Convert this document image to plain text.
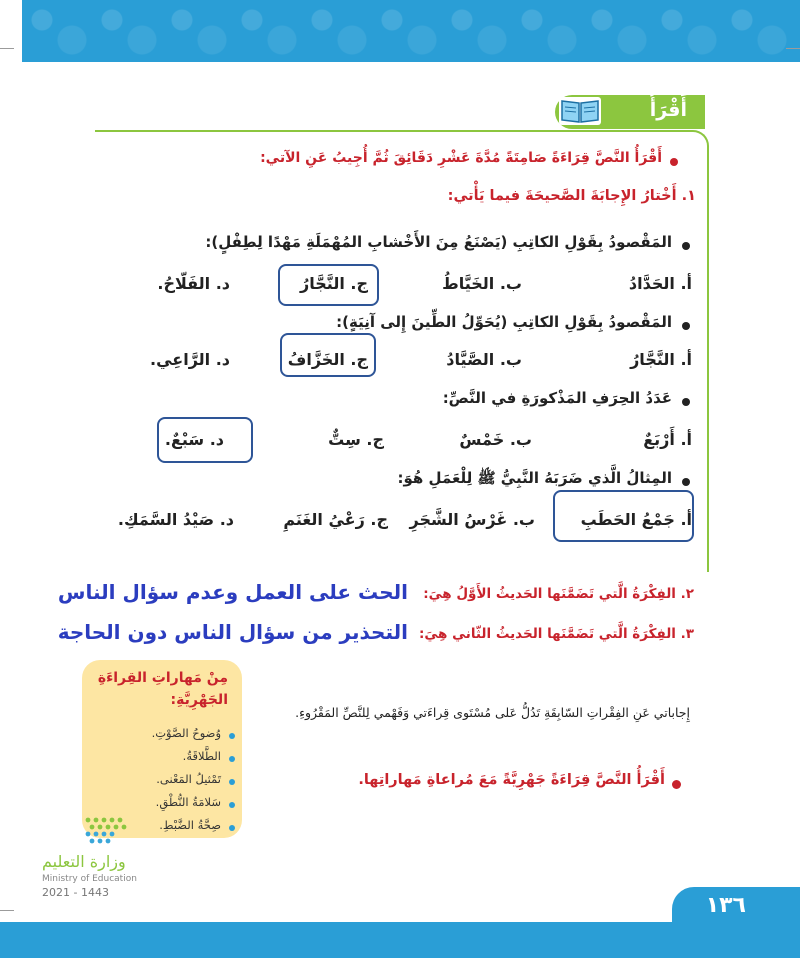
أَقْرَأُ
أَقْرَأُ النَّصَّ قِرَاءَةً صَامِتَةً مُدَّةَ عَشْرِ دَقَائِقَ ثُمَّ أُجِيبُ عَنِ الآتي:
١. أَخْتارُ الإِجابَةَ الصَّحيحَةَ فيما يَأْتي:
المَقْصودُ بِقَوْلِ الكاتِبِ (يَصْنَعُ مِنَ الأَخْشابِ المُهْمَلَةِ مَهْدًا لِطِفْلٍ):
أ. الحَدَّادُ
ب. الخَيَّاطُ
ج. النَّجَّارُ
د. الفَلّاحُ.
المَقْصودُ بِقَوْلِ الكاتِبِ (يُحَوِّلُ الطِّينَ إِلى آنِيَةٍ):
أ. النَّجَّارُ
ب. الصَّيَّادُ
ج. الخَزَّافُ
د. الرَّاعِي.
عَدَدُ الحِرَفِ المَذْكورَةِ في النَّصِّ:
أ. أَرْبَعٌ
ب. خَمْسٌ
ج. سِتٌّ
د. سَبْعٌ.
المِثالُ الَّذي ضَرَبَهُ النَّبِيُّ ﷺ لِلْعَمَلِ هُوَ:
أ. جَمْعُ الحَطَبِ
ب. غَرْسُ الشَّجَرِ
ج. رَعْيُ الغَنَمِ
د. صَيْدُ السَّمَكِ.
٢. الفِكْرَةُ الَّتي تَضَمَّنَها الحَديثُ الأَوَّلُ هِيَ:
الحث على العمل وعدم سؤال الناس
٣. الفِكْرَةُ الَّتي تَضَمَّنَها الحَديثُ الثّاني هِيَ:
التحذير من سؤال الناس دون الحاجة
مِنْ مَهاراتِ القِراءَةِ
الجَهْرِيَّةِ:
وُضوحُ الصَّوْتِ.
الطَّلاقَةُ.
تَمْثيلُ المَعْنى.
سَلامَةُ النُّطْقِ.
صِحَّةُ الضَّبْطِ.
إِجاباتي عَنِ الفِقْراتِ السّابِقَةِ تَدُلُّ عَلى مُسْتَوى قِراءَتي وَفَهْمي لِلنَّصِّ المَقْرُوءِ.
أَقْرَأُ النَّصَّ قِرَاءَةً جَهْرِيَّةً مَعَ مُراعاةِ مَهاراتِها.
وزارة التعليم
Ministry of Education
2021 - 1443
١٣٦
